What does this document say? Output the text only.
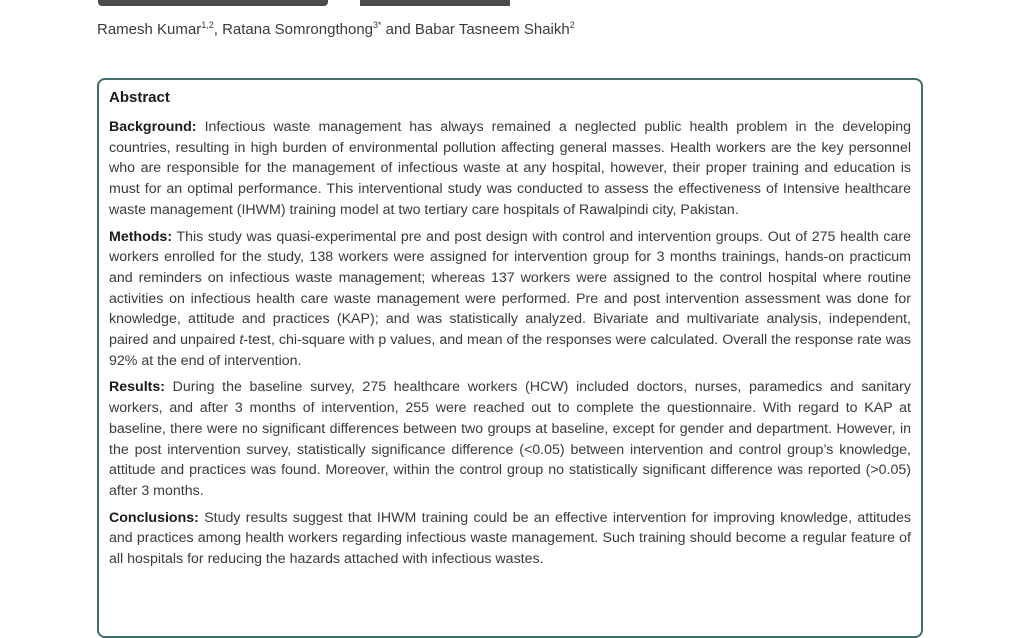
Ramesh Kumar$^{1,2}$, Ratana Somrongthong$^{3*}$ and Babar Tasneem Shaikh$^2$
Abstract

Background: Infectious waste management has always remained a neglected public health problem in the developing countries, resulting in high burden of environmental pollution affecting general masses. Health workers are the key personnel who are responsible for the management of infectious waste at any hospital, however, their proper training and education is must for an optimal performance. This interventional study was conducted to assess the effectiveness of Intensive healthcare waste management (IHWM) training model at two tertiary care hospitals of Rawalpindi city, Pakistan.

Methods: This study was quasi-experimental pre and post design with control and intervention groups. Out of 275 health care workers enrolled for the study, 138 workers were assigned for intervention group for 3 months trainings, hands-on practicum and reminders on infectious waste management; whereas 137 workers were assigned to the control hospital where routine activities on infectious health care waste management were performed. Pre and post intervention assessment was done for knowledge, attitude and practices (KAP); and was statistically analyzed. Bivariate and multivariate analysis, independent, paired and unpaired t-test, chi-square with p values, and mean of the responses were calculated. Overall the response rate was 92% at the end of intervention.

Results: During the baseline survey, 275 healthcare workers (HCW) included doctors, nurses, paramedics and sanitary workers, and after 3 months of intervention, 255 were reached out to complete the questionnaire. With regard to KAP at baseline, there were no significant differences between two groups at baseline, except for gender and department. However, in the post intervention survey, statistically significance difference (<0.05) between intervention and control group’s knowledge, attitude and practices was found. Moreover, within the control group no statistically significant difference was reported (>0.05) after 3 months.

Conclusions: Study results suggest that IHWM training could be an effective intervention for improving knowledge, attitudes and practices among health workers regarding infectious waste management. Such training should become a regular feature of all hospitals for reducing the hazards attached with infectious wastes.
